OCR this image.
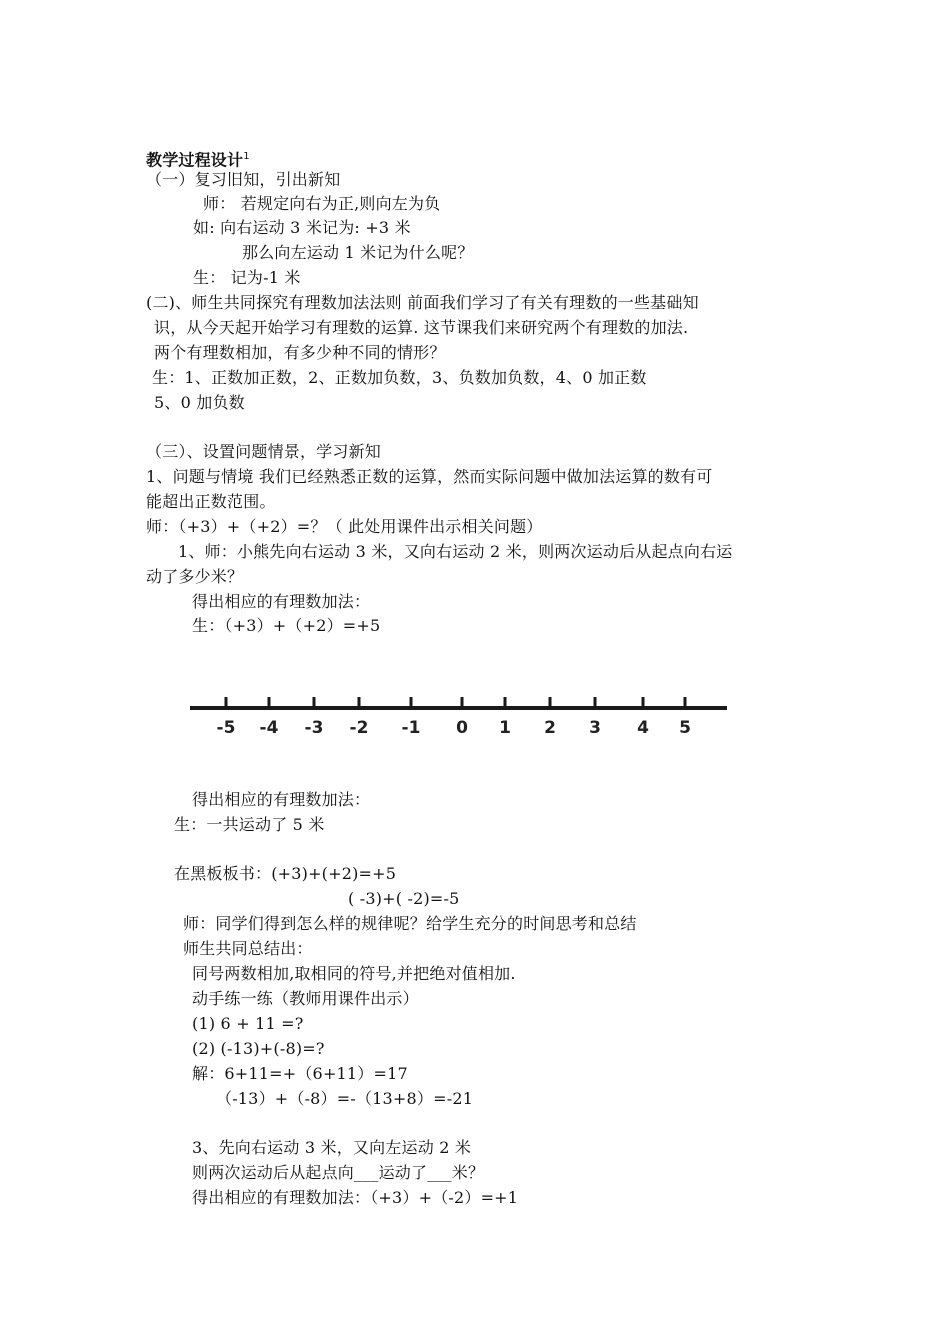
教学过程设计$^1$
（一）复习旧知，引出新知
师： 若规定向右为正,则向左为负
如: 向右运动 3 米记为: +3 米
那么向左运动 1 米记为什么呢？
生： 记为-1 米
(二)、师生共同探究有理数加法法则 前面我们学习了有关有理数的一些基础知
识，从今天起开始学习有理数的运算. 这节课我们来研究两个有理数的加法.
两个有理数相加，有多少种不同的情形？
生：1、正数加正数，2、正数加负数，3、负数加负数，4、0 加正数
5、0 加负数
（三）、设置问题情景，学习新知
1、问题与情境 我们已经熟悉正数的运算，然而实际问题中做加法运算的数有可
能超出正数范围。
师：（+3）+（+2）=？（ 此处用课件出示相关问题）
1、师：小熊先向右运动 3 米，又向右运动 2 米，则两次运动后从起点向右运
动了多少米？
得出相应的有理数加法：
生：（+3）+（+2）=+5
-5 -4 -3 -2 -1 0 1 2 3 4 5
得出相应的有理数加法：
生：一共运动了 5 米
在黑板板书：(+3)+(+2)=+5
( -3)+( -2)=-5
师：同学们得到怎么样的规律呢？给学生充分的时间思考和总结
师生共同总结出：
同号两数相加,取相同的符号,并把绝对值相加.
动手练一练（教师用课件出示）
(1) 6 + 11 =?
(2) (-13)+(-8)=?
解：6+11=+（6+11）=17
（-13）+（-8）=-（13+8）=-21
3、先向右运动 3 米，又向左运动 2 米
则两次运动后从起点向___运动了___米？
得出相应的有理数加法：（+3）+（-2）=+1
